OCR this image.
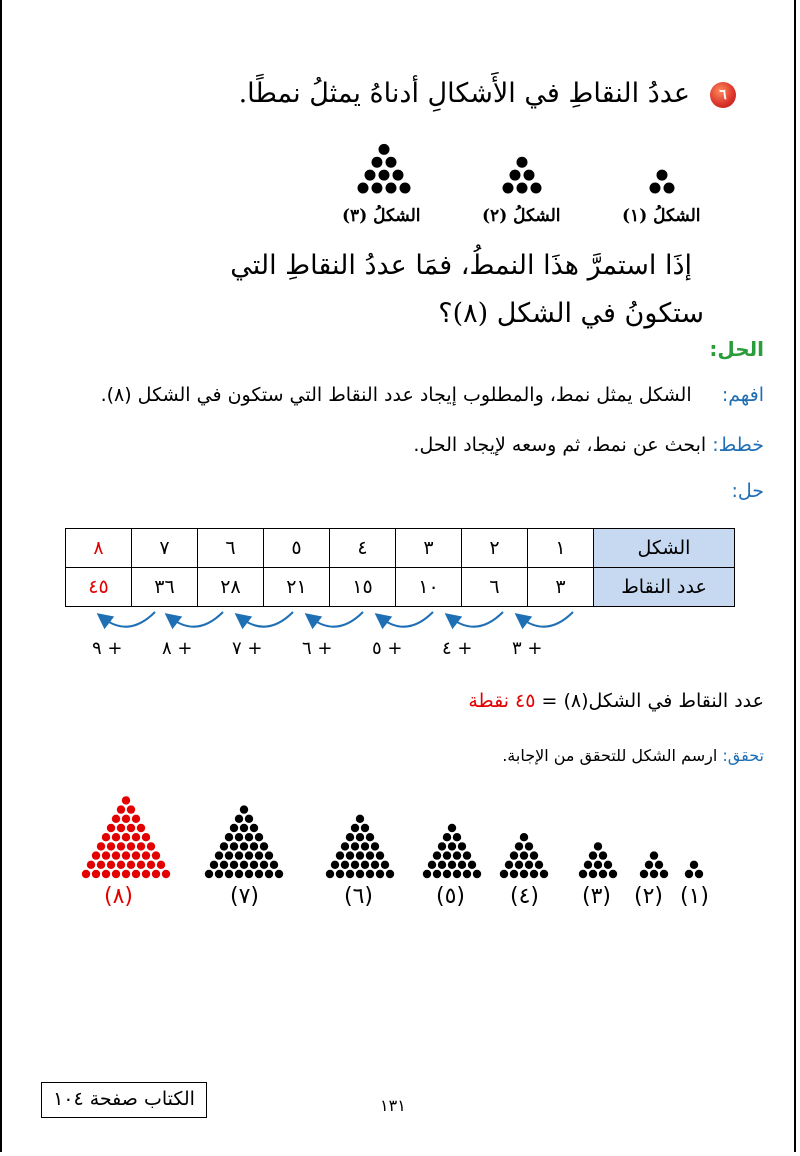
٦
عددُ النقاطِ في الأَشكالِ أدناهُ يمثلُ نمطًا.
الشكلُ (١)
الشكلُ (٢)
الشكلُ (٣)
إذَا استمرَّ هذَا النمطُ، فمَا عددُ النقاطِ التي
ستكونُ في الشكل (٨)؟
الحل:
افهم:     الشكل يمثل نمط، والمطلوب إيجاد عدد النقاط التي ستكون في الشكل (٨).
خطط: ابحث عن نمط، ثم وسعه لإيجاد الحل.
حل:
الشكل	١	٢	٣	٤	٥	٦	٧	٨
عدد النقاط	٣	٦	١٠	١٥	٢١	٢٨	٣٦	٤٥
+ ٣
+ ٤
+ ٥
+ ٦
+ ٧
+ ٨
+ ٩
عدد النقاط في الشكل(٨) = ٤٥ نقطة
تحقق: ارسم الشكل للتحقق من الإجابة.
(١)
(٢)
(٣)
(٤)
(٥)
(٦)
(٧)
(٨)
الكتاب صفحة ١٠٤	١٣١
